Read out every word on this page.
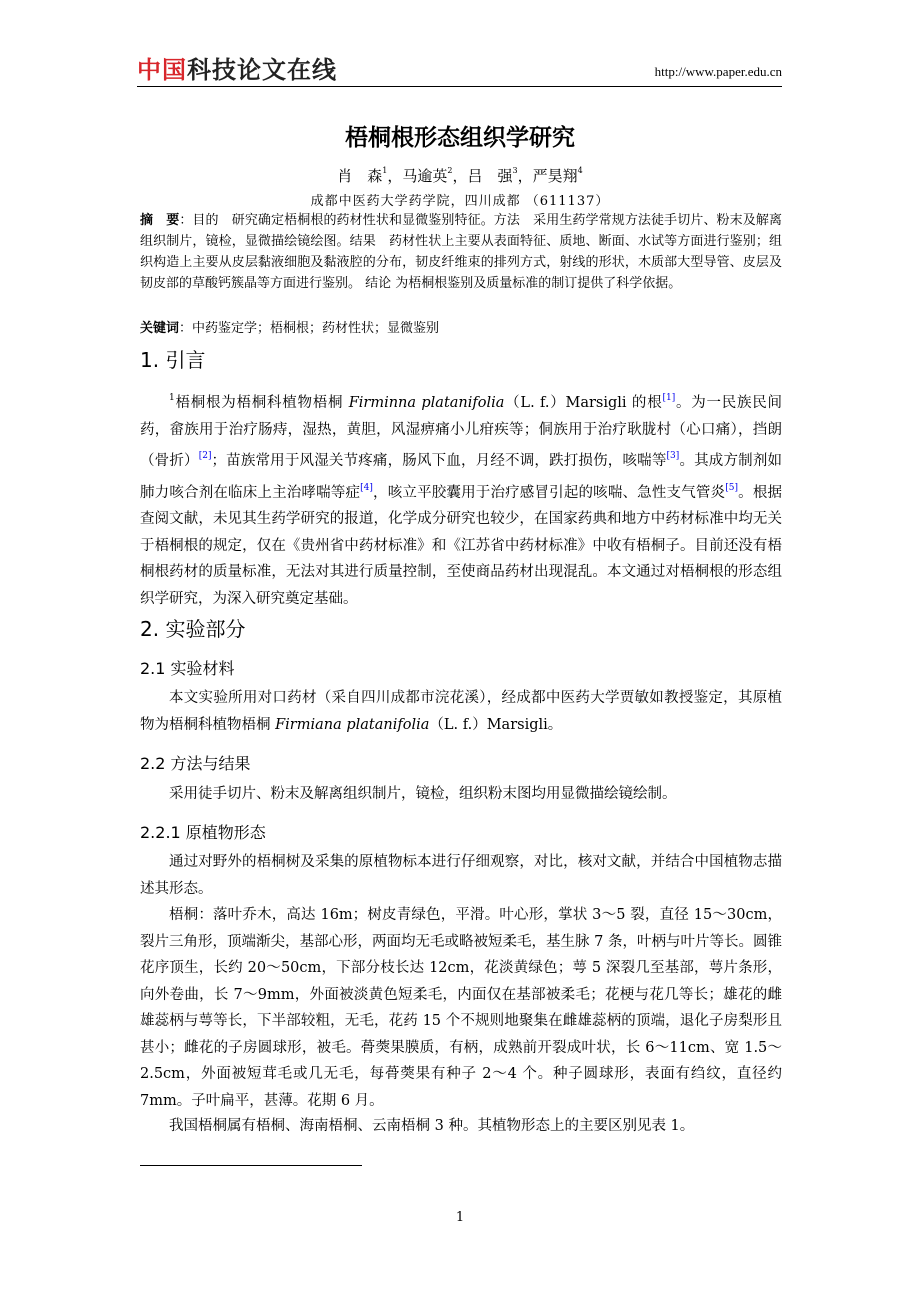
中国 科技论文在线	http://www.paper.edu.cn
梧桐根形态组织学研究
肖　森$^1$，马逾英$^2$，吕　强$^3$，严昊翔$^4$
成都中医药大学药学院，四川成都 （611137）
摘　要：目的　研究确定梧桐根的药材性状和显微鉴别特征。方法　采用生药学常规方法徒手切片、粉末及解离组织制片，镜检，显微描绘镜绘图。结果　药材性状上主要从表面特征、质地、断面、水试等方面进行鉴别；组织构造上主要从皮层黏液细胞及黏液腔的分布，韧皮纤维束的排列方式，射线的形状，木质部大型导管、皮层及韧皮部的草酸钙簇晶等方面进行鉴别。 结论 为梧桐根鉴别及质量标准的制订提供了科学依据。
关键词：中药鉴定学；梧桐根；药材性状；显微鉴别
1. 引言

$^1$梧桐根为梧桐科植物梧桐 Firminna platanifolia（L. f.）Marsigli 的根[1]。为一民族民间药，畲族用于治疗肠痔，湿热，黄胆，风湿痹痛小儿疳疾等；侗族用于治疗耿胧村（心口痛），挡朗（骨折）[2]；苗族常用于风湿关节疼痛，肠风下血，月经不调，跌打损伤，咳喘等[3]。其成方制剂如肺力咳合剂在临床上主治哮喘等症[4]，咳立平胶囊用于治疗感冒引起的咳喘、急性支气管炎[5]。根据查阅文献，未见其生药学研究的报道，化学成分研究也较少，在国家药典和地方中药材标准中均无关于梧桐根的规定，仅在《贵州省中药材标准》和《江苏省中药材标准》中收有梧桐子。目前还没有梧桐根药材的质量标准，无法对其进行质量控制，至使商品药材出现混乱。本文通过对梧桐根的形态组织学研究，为深入研究奠定基础。

2. 实验部分
2.1 实验材料

本文实验所用对口药材（采自四川成都市浣花溪），经成都中医药大学贾敏如教授鉴定，其原植物为梧桐科植物梧桐 Firmiana platanifolia（L. f.）Marsigli。

2.2 方法与结果

采用徒手切片、粉末及解离组织制片，镜检，组织粉末图均用显微描绘镜绘制。

2.2.1 原植物形态

通过对野外的梧桐树及采集的原植物标本进行仔细观察，对比，核对文献，并结合中国植物志描述其形态。

梧桐：落叶乔木，高达 16m；树皮青绿色，平滑。叶心形，掌状 3～5 裂，直径 15～30cm，裂片三角形，顶端渐尖，基部心形，两面均无毛或略被短柔毛，基生脉 7 条，叶柄与叶片等长。圆锥花序顶生，长约 20～50cm，下部分枝长达 12cm，花淡黄绿色；萼 5 深裂几至基部，萼片条形，向外卷曲，长 7～9mm，外面被淡黄色短柔毛，内面仅在基部被柔毛；花梗与花几等长；雄花的雌雄蕊柄与萼等长，下半部较粗，无毛，花药 15 个不规则地聚集在雌雄蕊柄的顶端，退化子房梨形且甚小；雌花的子房圆球形，被毛。蓇葖果膜质，有柄，成熟前开裂成叶状，长 6～11cm、宽 1.5～2.5cm，外面被短茸毛或几无毛，每蓇葖果有种子 2～4 个。种子圆球形，表面有绉纹，直径约 7mm。子叶扁平，甚薄。花期 6 月。

我国梧桐属有梧桐、海南梧桐、云南梧桐 3 种。其植物形态上的主要区别见表 1。

1
